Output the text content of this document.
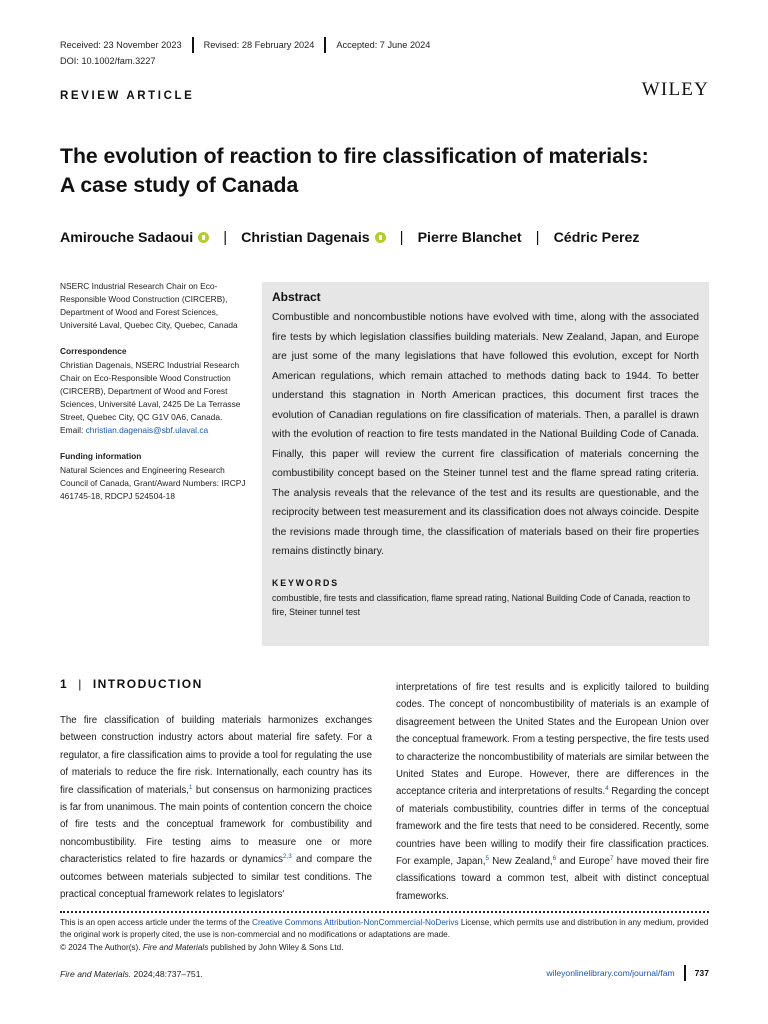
Received: 23 November 2023 Revised: 28 February 2024 Accepted: 7 June 2024
DOI: 10.1002/fam.3227
REVIEW ARTICLE	WILEY
The evolution of reaction to fire classification of materials:
A case study of Canada
Amirouche Sadaoui | Christian Dagenais | Pierre Blanchet | Cédric Perez

NSERC Industrial Research Chair on Eco-Responsible Wood Construction (CIRCERB), Department of Wood and Forest Sciences, Université Laval, Quebec City, Quebec, Canada

Correspondence
Christian Dagenais, NSERC Industrial Research Chair on Eco-Responsible Wood Construction (CIRCERB), Department of Wood and Forest Sciences, Université Laval, 2425 De La Terrasse Street, Quebec City, QC G1V 0A6, Canada.
Email: christian.dagenais@sbf.ulaval.ca

Funding information
Natural Sciences and Engineering Research Council of Canada, Grant/Award Numbers: IRCPJ 461745-18, RDCPJ 524504-18

Abstract
Combustible and noncombustible notions have evolved with time, along with the associated fire tests by which legislation classifies building materials. New Zealand, Japan, and Europe are just some of the many legislations that have followed this evolution, except for North American regulations, which remain attached to methods dating back to 1944. To better understand this stagnation in North American practices, this document first traces the evolution of Canadian regulations on fire classification of materials. Then, a parallel is drawn with the evolution of reaction to fire tests mandated in the National Building Code of Canada. Finally, this paper will review the current fire classification of materials concerning the combustibility concept based on the Steiner tunnel test and the flame spread rating criteria. The analysis reveals that the relevance of the test and its results are questionable, and the reciprocity between test measurement and its classification does not always coincide. Despite the revisions made through time, the classification of materials based on their fire properties remains distinctly binary.
KEYWORDS
combustible, fire tests and classification, flame spread rating, National Building Code of Canada, reaction to fire, Steiner tunnel test
1 | INTRODUCTION
The fire classification of building materials harmonizes exchanges between construction industry actors about material fire safety. For a regulator, a fire classification aims to provide a tool for regulating the use of materials to reduce the fire risk. Internationally, each country has its fire classification of materials,$^1$ but consensus on harmonizing practices is far from unanimous. The main points of contention concern the choice of fire tests and the conceptual framework for combustibility and noncombustibility. Fire testing aims to measure one or more characteristics related to fire hazards or dynamics$^{2,3}$ and compare the outcomes between materials subjected to similar test conditions. The practical conceptual framework relates to legislators'
interpretations of fire test results and is explicitly tailored to building codes. The concept of noncombustibility of materials is an example of disagreement between the United States and the European Union over the conceptual framework. From a testing perspective, the fire tests used to characterize the noncombustibility of materials are similar between the United States and Europe. However, there are differences in the acceptance criteria and interpretations of results.$^4$ Regarding the concept of materials combustibility, countries differ in terms of the conceptual framework and the fire tests that need to be considered. Recently, some countries have been willing to modify their fire classification practices. For example, Japan,$^5$ New Zealand,$^6$ and Europe$^7$ have moved their fire classifications toward a common test, albeit with distinct conceptual frameworks.
This is an open access article under the terms of the Creative Commons Attribution-NonCommercial-NoDerivs License, which permits use and distribution in any medium, provided the original work is properly cited, the use is non-commercial and no modifications or adaptations are made.
© 2024 The Author(s). Fire and Materials published by John Wiley & Sons Ltd.
Fire and Materials. 2024;48:737–751.	wileyonlinelibrary.com/journal/fam 737
